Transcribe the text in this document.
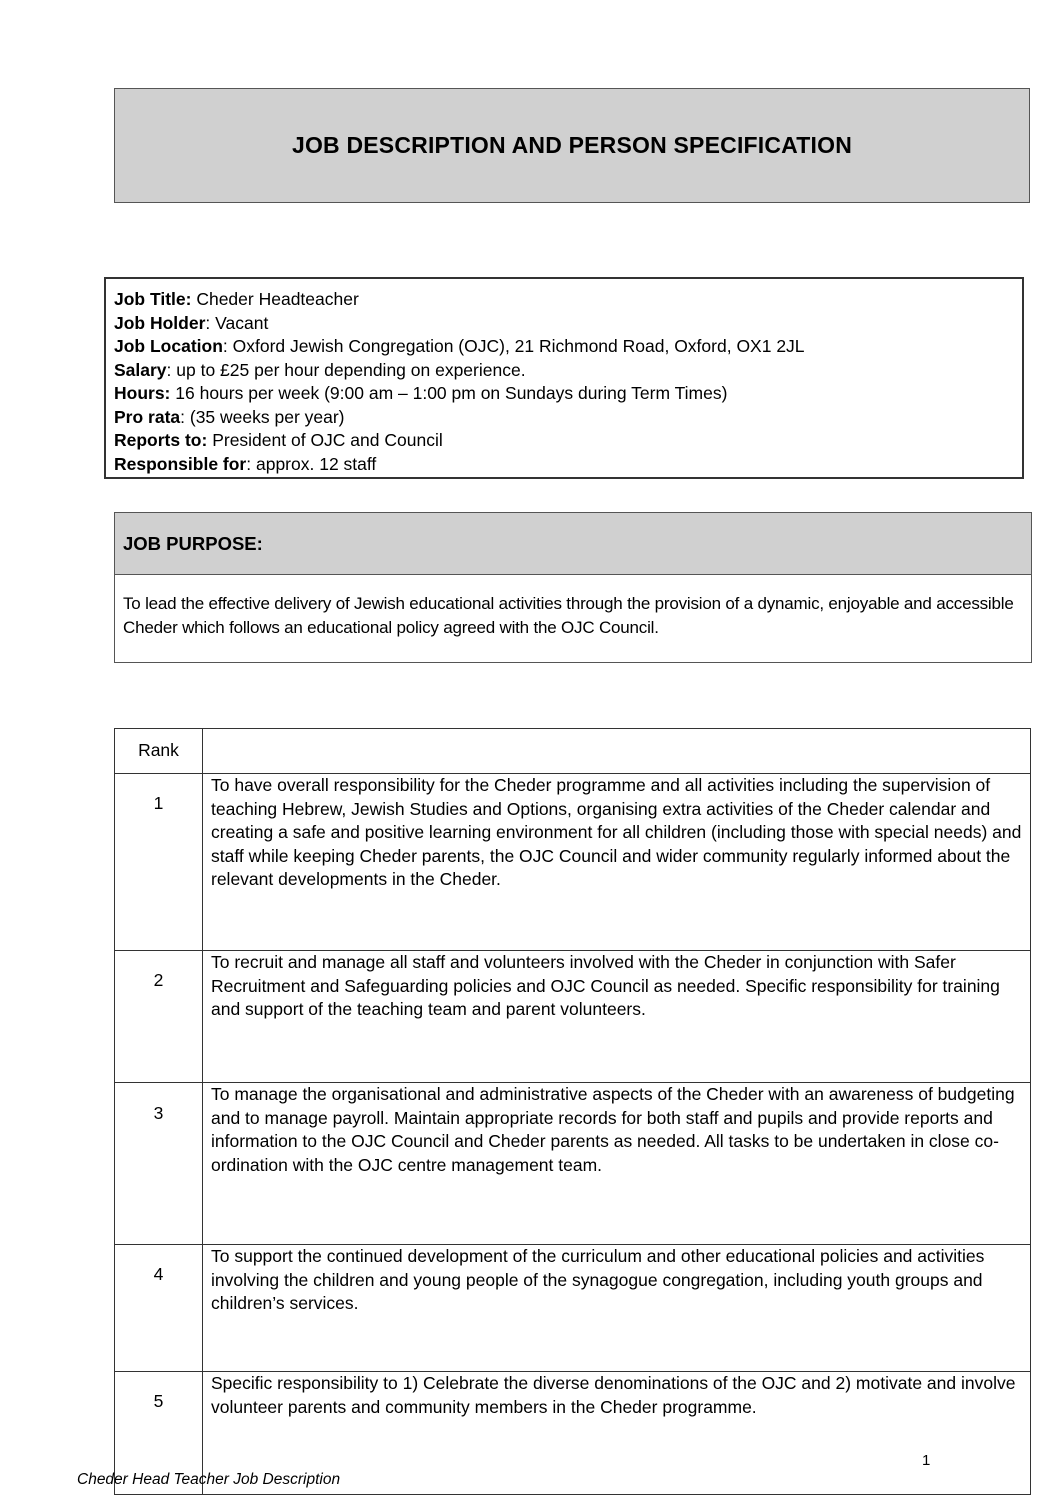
JOB DESCRIPTION AND PERSON SPECIFICATION
Job Title: Cheder Headteacher
Job Holder: Vacant
Job Location: Oxford Jewish Congregation (OJC), 21 Richmond Road, Oxford, OX1 2JL
Salary: up to £25 per hour depending on experience.
Hours: 16 hours per week (9:00 am – 1:00 pm on Sundays during Term Times)
Pro rata: (35 weeks per year)
Reports to: President of OJC and Council
Responsible for: approx. 12 staff
JOB PURPOSE:
To lead the effective delivery of Jewish educational activities through the provision of a dynamic, enjoyable and accessible Cheder which follows an educational policy agreed with the OJC Council.
Rank	
1	To have overall responsibility for the Cheder programme and all activities including the supervision of teaching Hebrew, Jewish Studies and Options, organising extra activities of the Cheder calendar and creating a safe and positive learning environment for all children (including those with special needs) and staff while keeping Cheder parents, the OJC Council and wider community regularly informed about the relevant developments in the Cheder.
2	To recruit and manage all staff and volunteers involved with the Cheder in conjunction with Safer Recruitment and Safeguarding policies and OJC Council as needed. Specific responsibility for training and support of the teaching team and parent volunteers.
3	To manage the organisational and administrative aspects of the Cheder with an awareness of budgeting and to manage payroll. Maintain appropriate records for both staff and pupils and provide reports and information to the OJC Council and Cheder parents as needed. All tasks to be undertaken in close co-ordination with the OJC centre management team.
4	To support the continued development of the curriculum and other educational policies and activities involving the children and young people of the synagogue congregation, including youth groups and children’s services.
5	Specific responsibility to 1) Celebrate the diverse denominations of the OJC and 2) motivate and involve volunteer parents and community members in the Cheder programme.
1
Cheder Head Teacher Job Description
